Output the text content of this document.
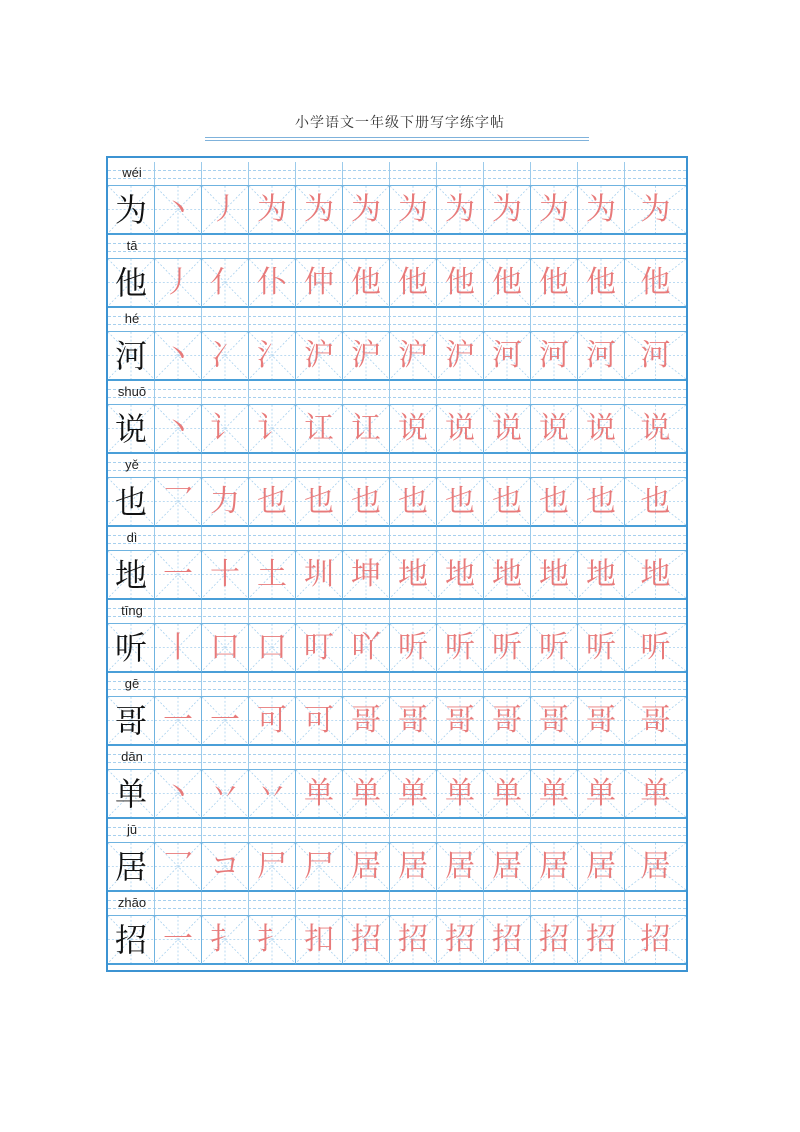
小学语文一年级下册写字练字帖
wéi
为 丶 丿 为 为 为 为 为 为 为 为 为
tā
他 丿 亻 仆 仲 他 他 他 他 他 他 他
hé
河 丶 冫 氵 沪 沪 沪 沪 河 河 河 河
shuō
说 丶 讠 讠 讧 讧 说 说 说 说 说 说
yě
也 乛 力 也 也 也 也 也 也 也 也 也
dì
地 一 十 土 圳 坤 地 地 地 地 地 地
tīng
听 丨 口 口 叮 吖 听 听 听 听 听 听
gē
哥 一 一 可 可 哥 哥 哥 哥 哥 哥 哥
dān
单 丶 丷 丷 单 单 单 单 单 单 单 单
jū
居 乛 コ 尸 尸 居 居 居 居 居 居 居
zhāo
招 一 扌 扌 扣 招 招 招 招 招 招 招
